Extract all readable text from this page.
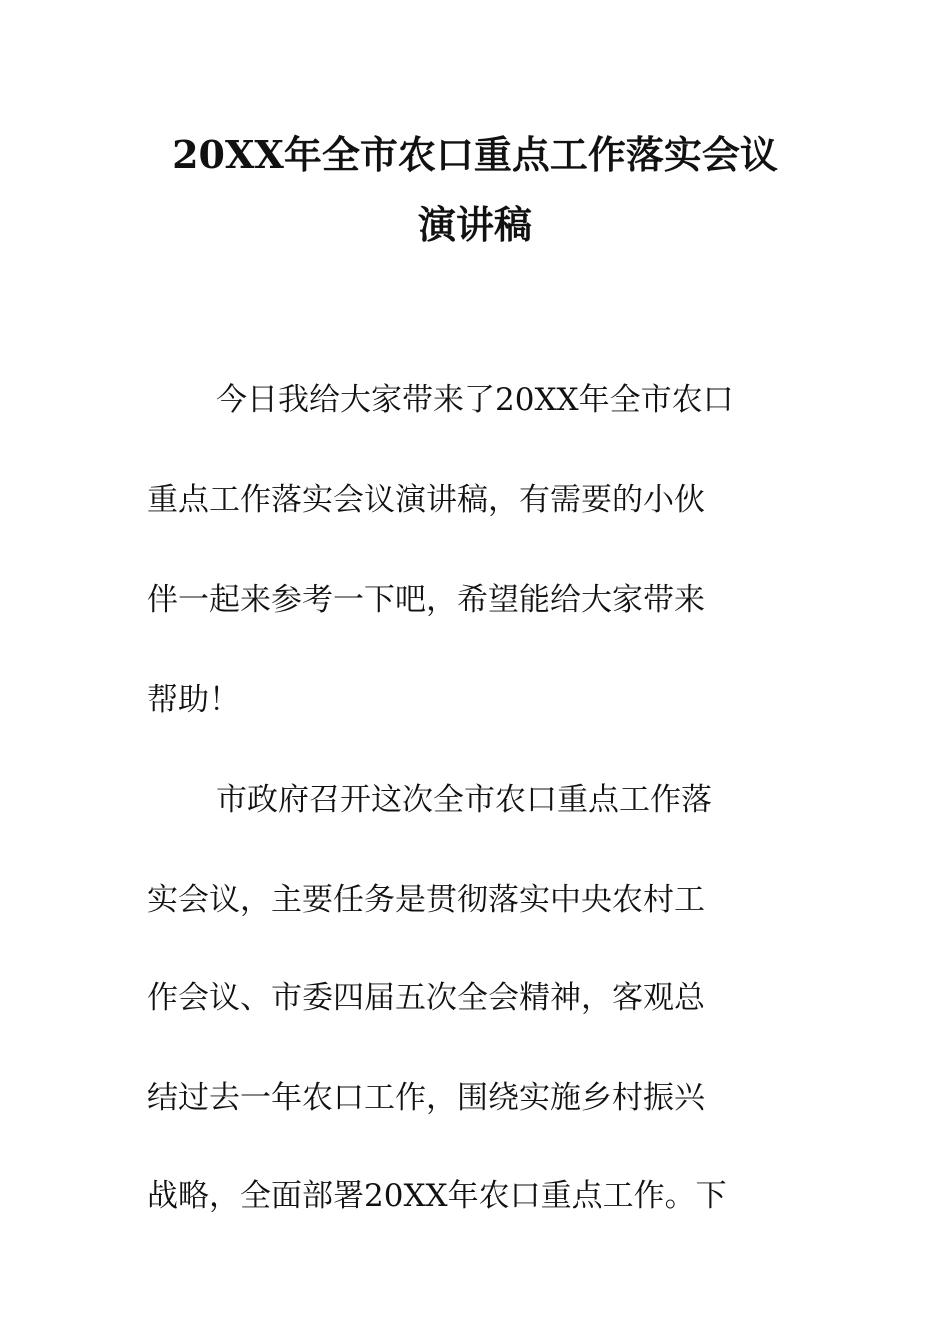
20XX年全市农口重点工作落实会议
演讲稿
今日我给大家带来了20XX年全市农口
重点工作落实会议演讲稿，有需要的小伙
伴一起来参考一下吧，希望能给大家带来
帮助！
市政府召开这次全市农口重点工作落
实会议，主要任务是贯彻落实中央农村工
作会议、市委四届五次全会精神，客观总
结过去一年农口工作，围绕实施乡村振兴
战略，全面部署20XX年农口重点工作。下
